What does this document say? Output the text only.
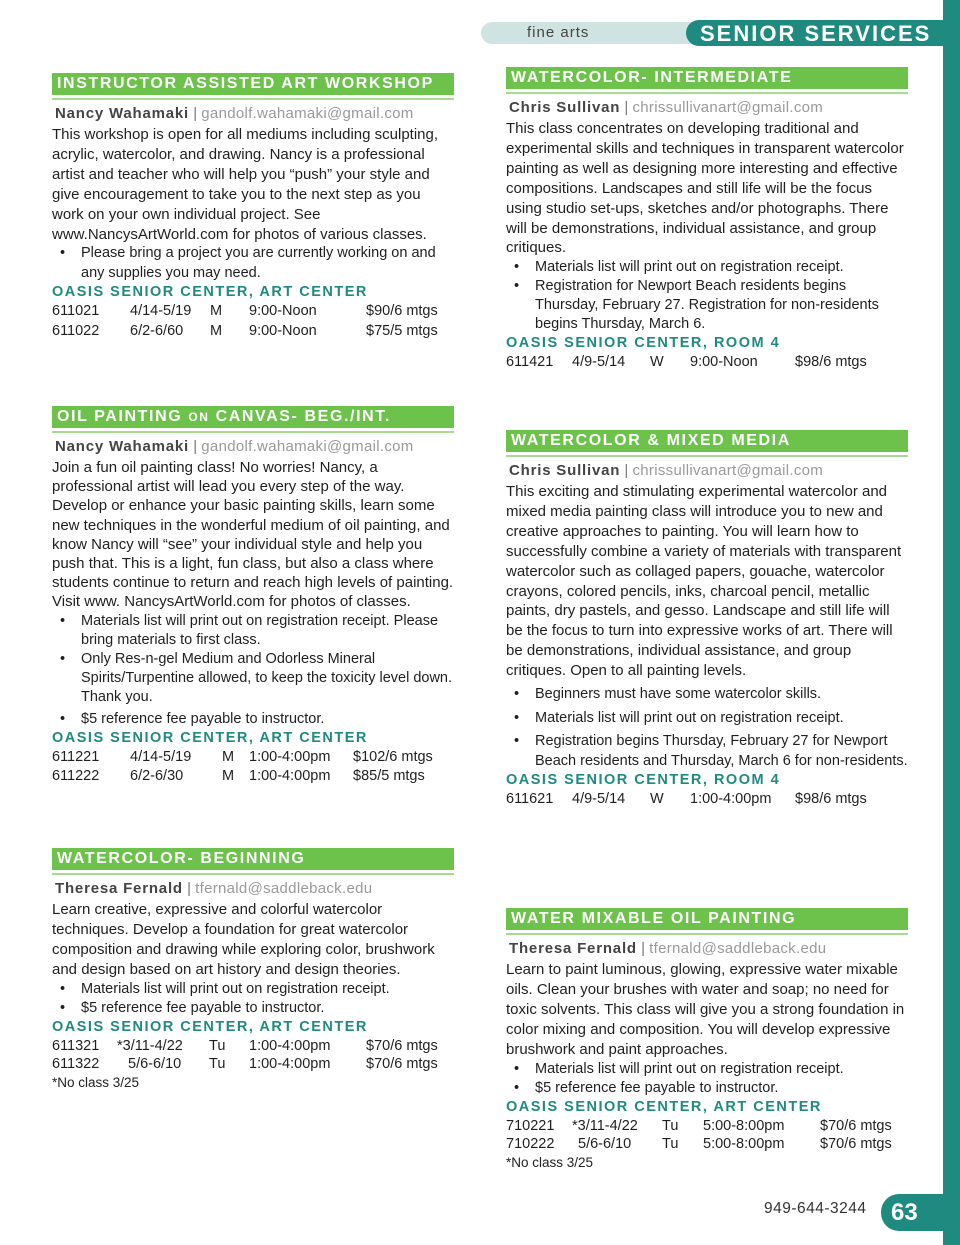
fine arts	SENIOR SERVICES
INSTRUCTOR ASSISTED ART WORKSHOP
Nancy Wahamaki | gandolf.wahamaki@gmail.com

This workshop is open for all mediums including sculpting, acrylic, watercolor, and drawing. Nancy is a professional artist and teacher who will help you “push” your style and give encouragement to take you to the next step as you work on your own individual project. See www.NancysArtWorld.com for photos of various classes.

• Please bring a project you are currently working on and any supplies you may need.
OASIS SENIOR CENTER, ART CENTER
611021 4/14-5/19 M 9:00-Noon	$90/6 mtgs
611022 6/2-6/60 M 9:00-Noon	$75/5 mtgs
OIL PAINTING ON CANVAS- BEG./INT.
Nancy Wahamaki | gandolf.wahamaki@gmail.com

Join a fun oil painting class! No worries! Nancy, a professional artist will lead you every step of the way. Develop or enhance your basic painting skills, learn some new techniques in the wonderful medium of oil painting, and know Nancy will “see” your individual style and help you push that. This is a light, fun class, but also a class where students continue to return and reach high levels of painting. Visit www. NancysArtWorld.com for photos of classes.

• Materials list will print out on registration receipt. Please bring materials to first class.
• Only Res-n-gel Medium and Odorless Mineral Spirits/Turpentine allowed, to keep the toxicity level down. Thank you.
• $5 reference fee payable to instructor.
OASIS SENIOR CENTER, ART CENTER
611221 4/14-5/19 M 1:00-4:00pm $102/6 mtgs
611222 6/2-6/30	M 1:00-4:00pm $85/5 mtgs
WATERCOLOR- BEGINNING
Theresa Fernald | tfernald@saddleback.edu

Learn creative, expressive and colorful watercolor techniques. Develop a foundation for great watercolor composition and drawing while exploring color, brushwork and design based on art history and design theories.

• Materials list will print out on registration receipt.
• $5 reference fee payable to instructor.
OASIS SENIOR CENTER, ART CENTER
611321 *3/11-4/22 Tu 1:00-4:00pm $70/6 mtgs
611322 5/6-6/10 Tu 1:00-4:00pm $70/6 mtgs
*No class 3/25
WATERCOLOR- INTERMEDIATE
Chris Sullivan | chrissullivanart@gmail.com

This class concentrates on developing traditional and experimental skills and techniques in transparent watercolor painting as well as designing more interesting and effective compositions. Landscapes and still life will be the focus using studio set-ups, sketches and/or photographs. There will be demonstrations, individual assistance, and group critiques.

• Materials list will print out on registration receipt.
• Registration for Newport Beach residents begins Thursday, February 27. Registration for non-residents begins Thursday, March 6.
OASIS SENIOR CENTER, ROOM 4
611421 4/9-5/14 W 9:00-Noon	$98/6 mtgs
WATERCOLOR & MIXED MEDIA
Chris Sullivan | chrissullivanart@gmail.com

This exciting and stimulating experimental watercolor and mixed media painting class will introduce you to new and creative approaches to painting. You will learn how to successfully combine a variety of materials with transparent watercolor such as collaged papers, gouache, watercolor crayons, colored pencils, inks, charcoal pencil, metallic paints, dry pastels, and gesso. Landscape and still life will be the focus to turn into expressive works of art. There will be demonstrations, individual assistance, and group critiques. Open to all painting levels.

• Beginners must have some watercolor skills.
• Materials list will print out on registration receipt.
• Registration begins Thursday, February 27 for Newport Beach residents and Thursday, March 6 for non-residents.
OASIS SENIOR CENTER, ROOM 4
611621 4/9-5/14 W 1:00-4:00pm $98/6 mtgs
WATER MIXABLE OIL PAINTING
Theresa Fernald | tfernald@saddleback.edu

Learn to paint luminous, glowing, expressive water mixable oils. Clean your brushes with water and soap; no need for toxic solvents. This class will give you a strong foundation in color mixing and composition. You will develop expressive brushwork and paint approaches.

• Materials list will print out on registration receipt.
• $5 reference fee payable to instructor.
OASIS SENIOR CENTER, ART CENTER
710221 *3/11-4/22 Tu 5:00-8:00pm $70/6 mtgs
710222 5/6-6/10 Tu 5:00-8:00pm $70/6 mtgs
*No class 3/25
949-644-3244	63
